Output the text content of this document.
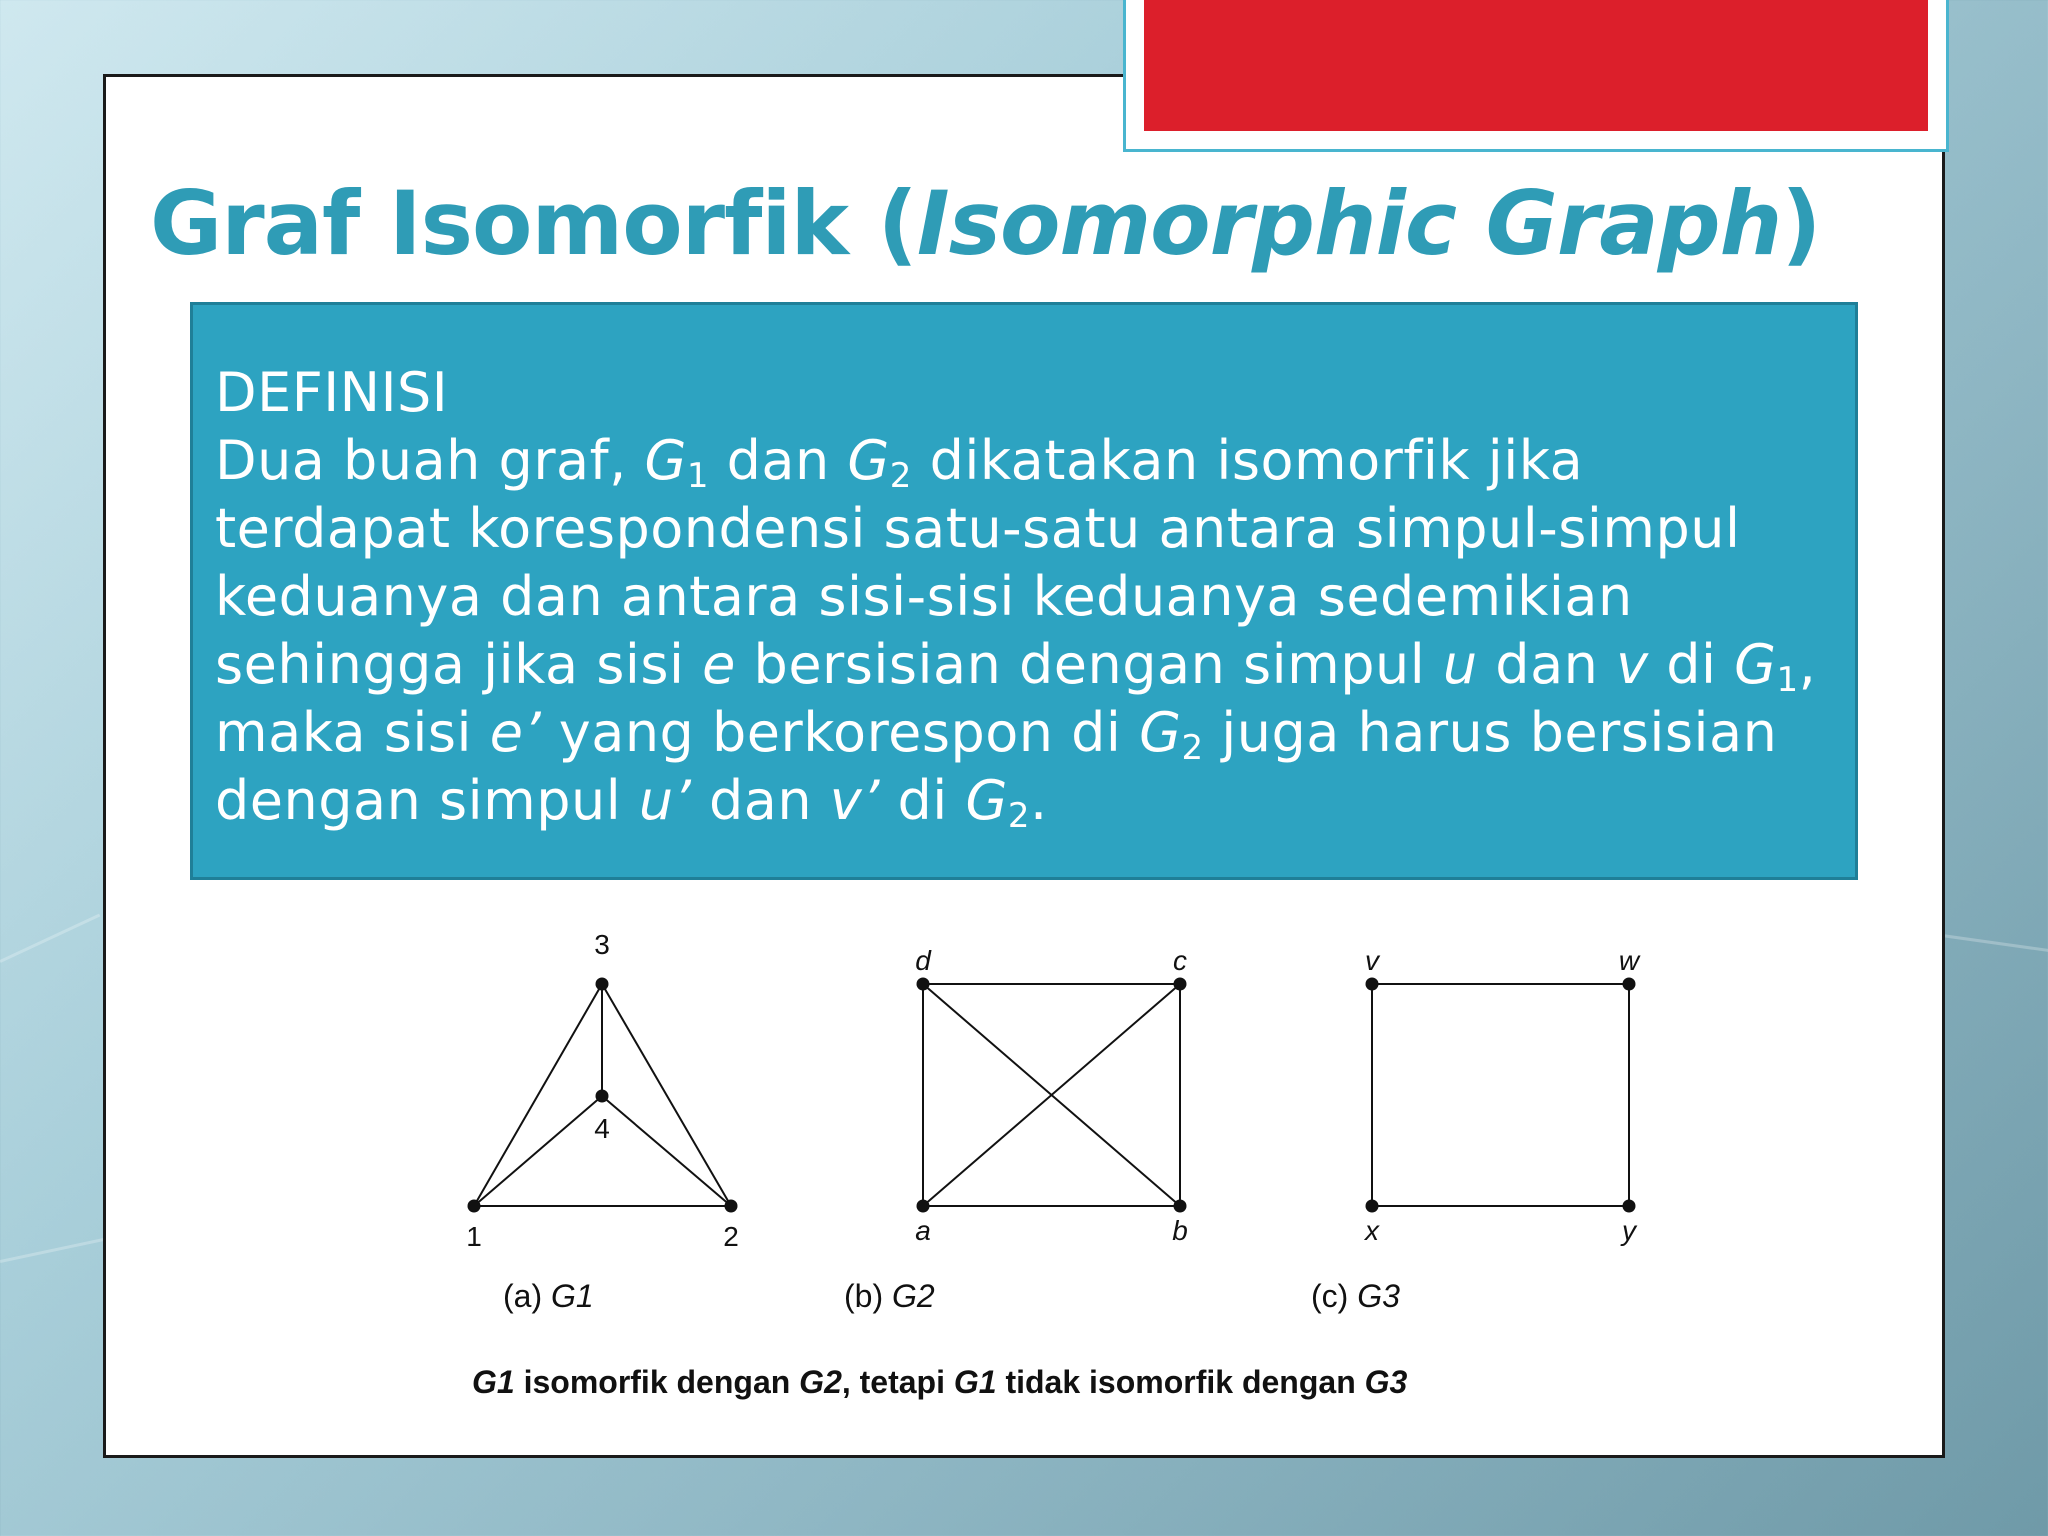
Graf Isomorfik (Isomorphic Graph)
DEFINISI
Dua buah graf, $G_1$ dan $G_2$ dikatakan isomorfik jika
terdapat korespondensi satu-satu antara simpul-simpul
keduanya dan antara sisi-sisi keduanya sedemikian
sehingga jika sisi e bersisian dengan simpul u dan v di $G_1$,
maka sisi e’ yang berkorespon di $G_2$ juga harus bersisian
dengan simpul u’ dan v’ di $G_2$.
3
4
1	2
d	c
a	b
v	w
x	y
(a) G1	(b) G2	(c) G3
G1 isomorfik dengan G2, tetapi G1 tidak isomorfik dengan G3
